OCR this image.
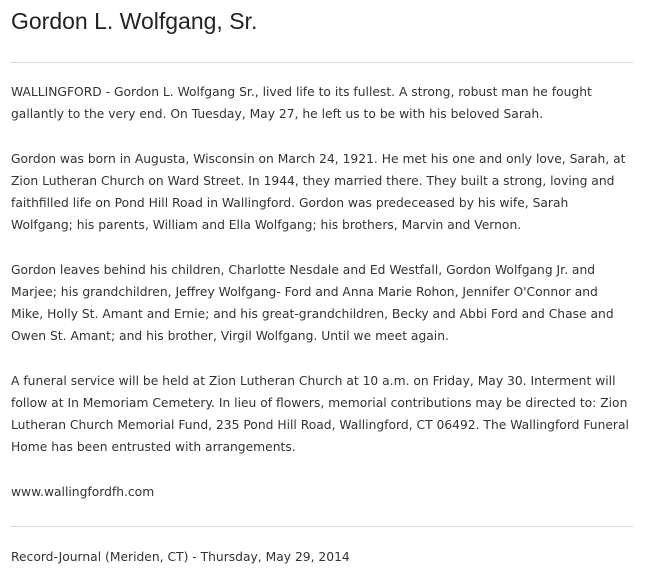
Gordon L. Wolfgang, Sr.

WALLINGFORD - Gordon L. Wolfgang Sr., lived life to its fullest. A strong, robust man he fought gallantly to the very end. On Tuesday, May 27, he left us to be with his beloved Sarah.

Gordon was born in Augusta, Wisconsin on March 24, 1921. He met his one and only love, Sarah, at Zion Lutheran Church on Ward Street. In 1944, they married there. They built a strong, loving and faithfilled life on Pond Hill Road in Wallingford. Gordon was predeceased by his wife, Sarah Wolfgang; his parents, William and Ella Wolfgang; his brothers, Marvin and Vernon.

Gordon leaves behind his children, Charlotte Nesdale and Ed Westfall, Gordon Wolfgang Jr. and Marjee; his grandchildren, Jeffrey Wolfgang- Ford and Anna Marie Rohon, Jennifer O'Connor and Mike, Holly St. Amant and Ernie; and his great-grandchildren, Becky and Abbi Ford and Chase and Owen St. Amant; and his brother, Virgil Wolfgang. Until we meet again.

A funeral service will be held at Zion Lutheran Church at 10 a.m. on Friday, May 30. Interment will follow at In Memoriam Cemetery. In lieu of flowers, memorial contributions may be directed to: Zion Lutheran Church Memorial Fund, 235 Pond Hill Road, Wallingford, CT 06492. The Wallingford Funeral Home has been entrusted with arrangements.

www.wallingfordfh.com

Record-Journal (Meriden, CT) - Thursday, May 29, 2014
